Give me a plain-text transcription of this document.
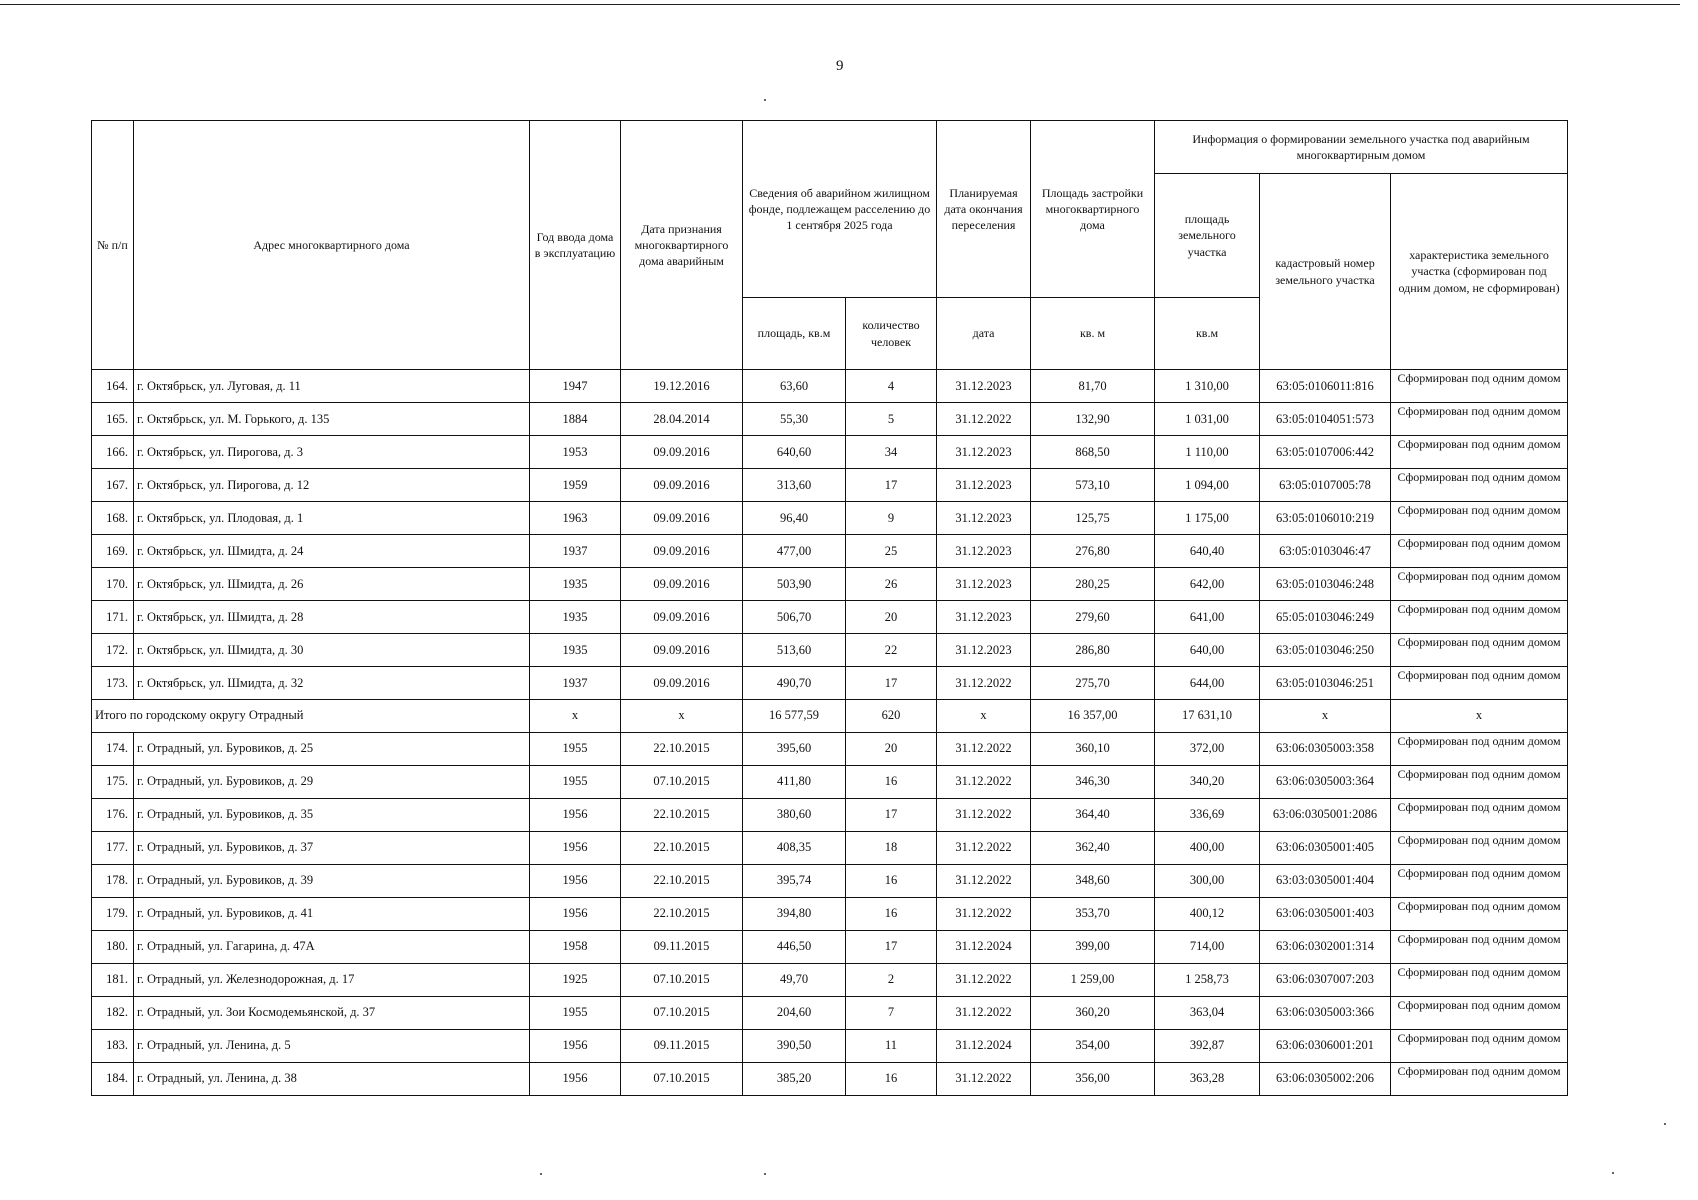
9
№ п/п	Адрес многоквартирного дома	Год ввода дома в эксплуатацию	Дата признания многоквартирного дома аварийным	Сведения об аварийном жилищном фонде, подлежащем расселению до 1 сентября 2025 года		Планируемая дата окончания переселения	Площадь застройки многоквартирного дома	Информация о формировании земельного участка под аварийным многоквартирным домом		
								площадь земельного участка	кадастровый номер земельного участка	характеристика земельного участка (сформирован под одним домом, не сформирован)
				площадь, кв.м	количество человек	дата	кв. м	кв.м		
164.	г. Октябрьск, ул. Луговая, д. 11	1947	19.12.2016	63,60	4	31.12.2023	81,70	1 310,00	63:05:0106011:816	Сформирован под одним домом
165.	г. Октябрьск, ул. М. Горького, д. 135	1884	28.04.2014	55,30	5	31.12.2022	132,90	1 031,00	63:05:0104051:573	Сформирован под одним домом
166.	г. Октябрьск, ул. Пирогова, д. 3	1953	09.09.2016	640,60	34	31.12.2023	868,50	1 110,00	63:05:0107006:442	Сформирован под одним домом
167.	г. Октябрьск, ул. Пирогова, д. 12	1959	09.09.2016	313,60	17	31.12.2023	573,10	1 094,00	63:05:0107005:78	Сформирован под одним домом
168.	г. Октябрьск, ул. Плодовая, д. 1	1963	09.09.2016	96,40	9	31.12.2023	125,75	1 175,00	63:05:0106010:219	Сформирован под одним домом
169.	г. Октябрьск, ул. Шмидта, д. 24	1937	09.09.2016	477,00	25	31.12.2023	276,80	640,40	63:05:0103046:47	Сформирован под одним домом
170.	г. Октябрьск, ул. Шмидта, д. 26	1935	09.09.2016	503,90	26	31.12.2023	280,25	642,00	63:05:0103046:248	Сформирован под одним домом
171.	г. Октябрьск, ул. Шмидта, д. 28	1935	09.09.2016	506,70	20	31.12.2023	279,60	641,00	65:05:0103046:249	Сформирован под одним домом
172.	г. Октябрьск, ул. Шмидта, д. 30	1935	09.09.2016	513,60	22	31.12.2023	286,80	640,00	63:05:0103046:250	Сформирован под одним домом
173.	г. Октябрьск, ул. Шмидта, д. 32	1937	09.09.2016	490,70	17	31.12.2022	275,70	644,00	63:05:0103046:251	Сформирован под одним домом
Итого по городскому округу Отрадный		х	х	16 577,59	620	х	16 357,00	17 631,10	х	х
174.	г. Отрадный, ул. Буровиков, д. 25	1955	22.10.2015	395,60	20	31.12.2022	360,10	372,00	63:06:0305003:358	Сформирован под одним домом
175.	г. Отрадный, ул. Буровиков, д. 29	1955	07.10.2015	411,80	16	31.12.2022	346,30	340,20	63:06:0305003:364	Сформирован под одним домом
176.	г. Отрадный, ул. Буровиков, д. 35	1956	22.10.2015	380,60	17	31.12.2022	364,40	336,69	63:06:0305001:2086	Сформирован под одним домом
177.	г. Отрадный, ул. Буровиков, д. 37	1956	22.10.2015	408,35	18	31.12.2022	362,40	400,00	63:06:0305001:405	Сформирован под одним домом
178.	г. Отрадный, ул. Буровиков, д. 39	1956	22.10.2015	395,74	16	31.12.2022	348,60	300,00	63:03:0305001:404	Сформирован под одним домом
179.	г. Отрадный, ул. Буровиков, д. 41	1956	22.10.2015	394,80	16	31.12.2022	353,70	400,12	63:06:0305001:403	Сформирован под одним домом
180.	г. Отрадный, ул. Гагарина, д. 47А	1958	09.11.2015	446,50	17	31.12.2024	399,00	714,00	63:06:0302001:314	Сформирован под одним домом
181.	г. Отрадный, ул. Железнодорожная, д. 17	1925	07.10.2015	49,70	2	31.12.2022	1 259,00	1 258,73	63:06:0307007:203	Сформирован под одним домом
182.	г. Отрадный, ул. Зои Космодемьянской, д. 37	1955	07.10.2015	204,60	7	31.12.2022	360,20	363,04	63:06:0305003:366	Сформирован под одним домом
183.	г. Отрадный, ул. Ленина, д. 5	1956	09.11.2015	390,50	11	31.12.2024	354,00	392,87	63:06:0306001:201	Сформирован под одним домом
184.	г. Отрадный, ул. Ленина, д. 38	1956	07.10.2015	385,20	16	31.12.2022	356,00	363,28	63:06:0305002:206	Сформирован под одним домом
